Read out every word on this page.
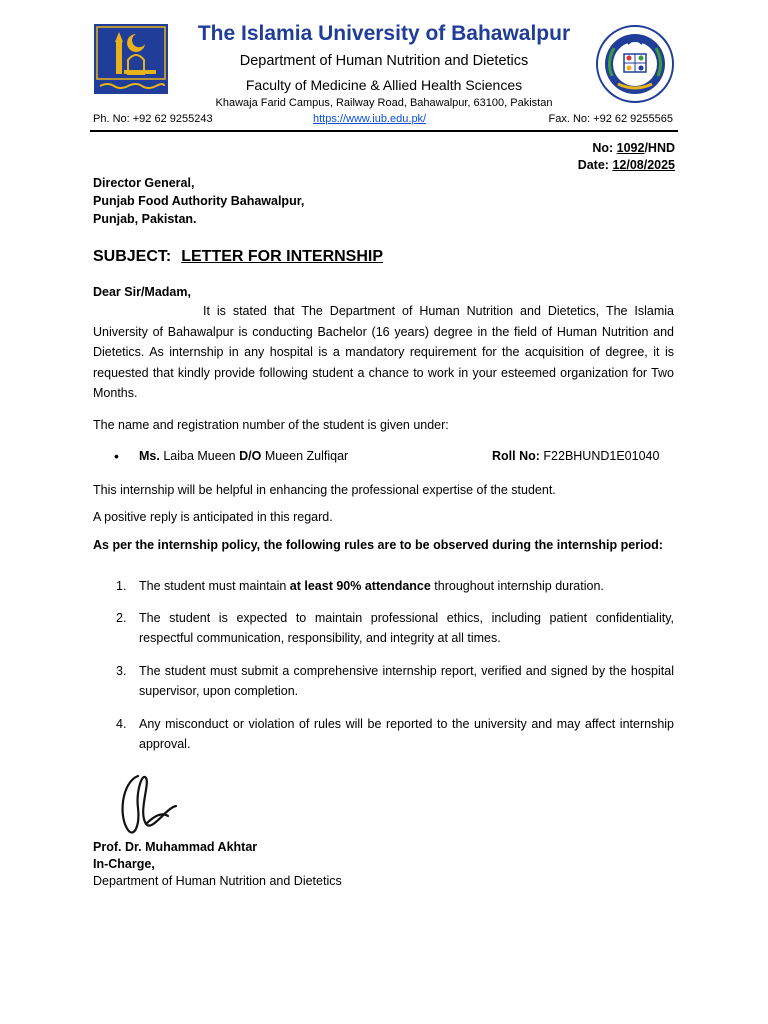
The Islamia University of Bahawalpur
Department of Human Nutrition and Dietetics
Faculty of Medicine & Allied Health Sciences
Khawaja Farid Campus, Railway Road, Bahawalpur, 63100, Pakistan
Ph. No: +92 62 9255243	https://www.iub.edu.pk/	Fax. No: +92 62 9255565
No: 1092/HND
Date: 12/08/2025
Director General,
Punjab Food Authority Bahawalpur,
Punjab, Pakistan.
SUBJECT: LETTER FOR INTERNSHIP
Dear Sir/Madam,
It is stated that The Department of Human Nutrition and Dietetics, The Islamia University of Bahawalpur is conducting Bachelor (16 years) degree in the field of Human Nutrition and Dietetics. As internship in any hospital is a mandatory requirement for the acquisition of degree, it is requested that kindly provide following student a chance to work in your esteemed organization for Two Months.
The name and registration number of the student is given under:
• Ms. Laiba Mueen D/O Mueen Zulfiqar	Roll No: F22BHUND1E01040
This internship will be helpful in enhancing the professional expertise of the student.
A positive reply is anticipated in this regard.
As per the internship policy, the following rules are to be observed during the internship period:
1. The student must maintain at least 90% attendance throughout internship duration.
2. The student is expected to maintain professional ethics, including patient confidentiality, respectful communication, responsibility, and integrity at all times.
3. The student must submit a comprehensive internship report, verified and signed by the hospital supervisor, upon completion.
4. Any misconduct or violation of rules will be reported to the university and may affect internship approval.
Prof. Dr. Muhammad Akhtar
In-Charge,
Department of Human Nutrition and Dietetics
